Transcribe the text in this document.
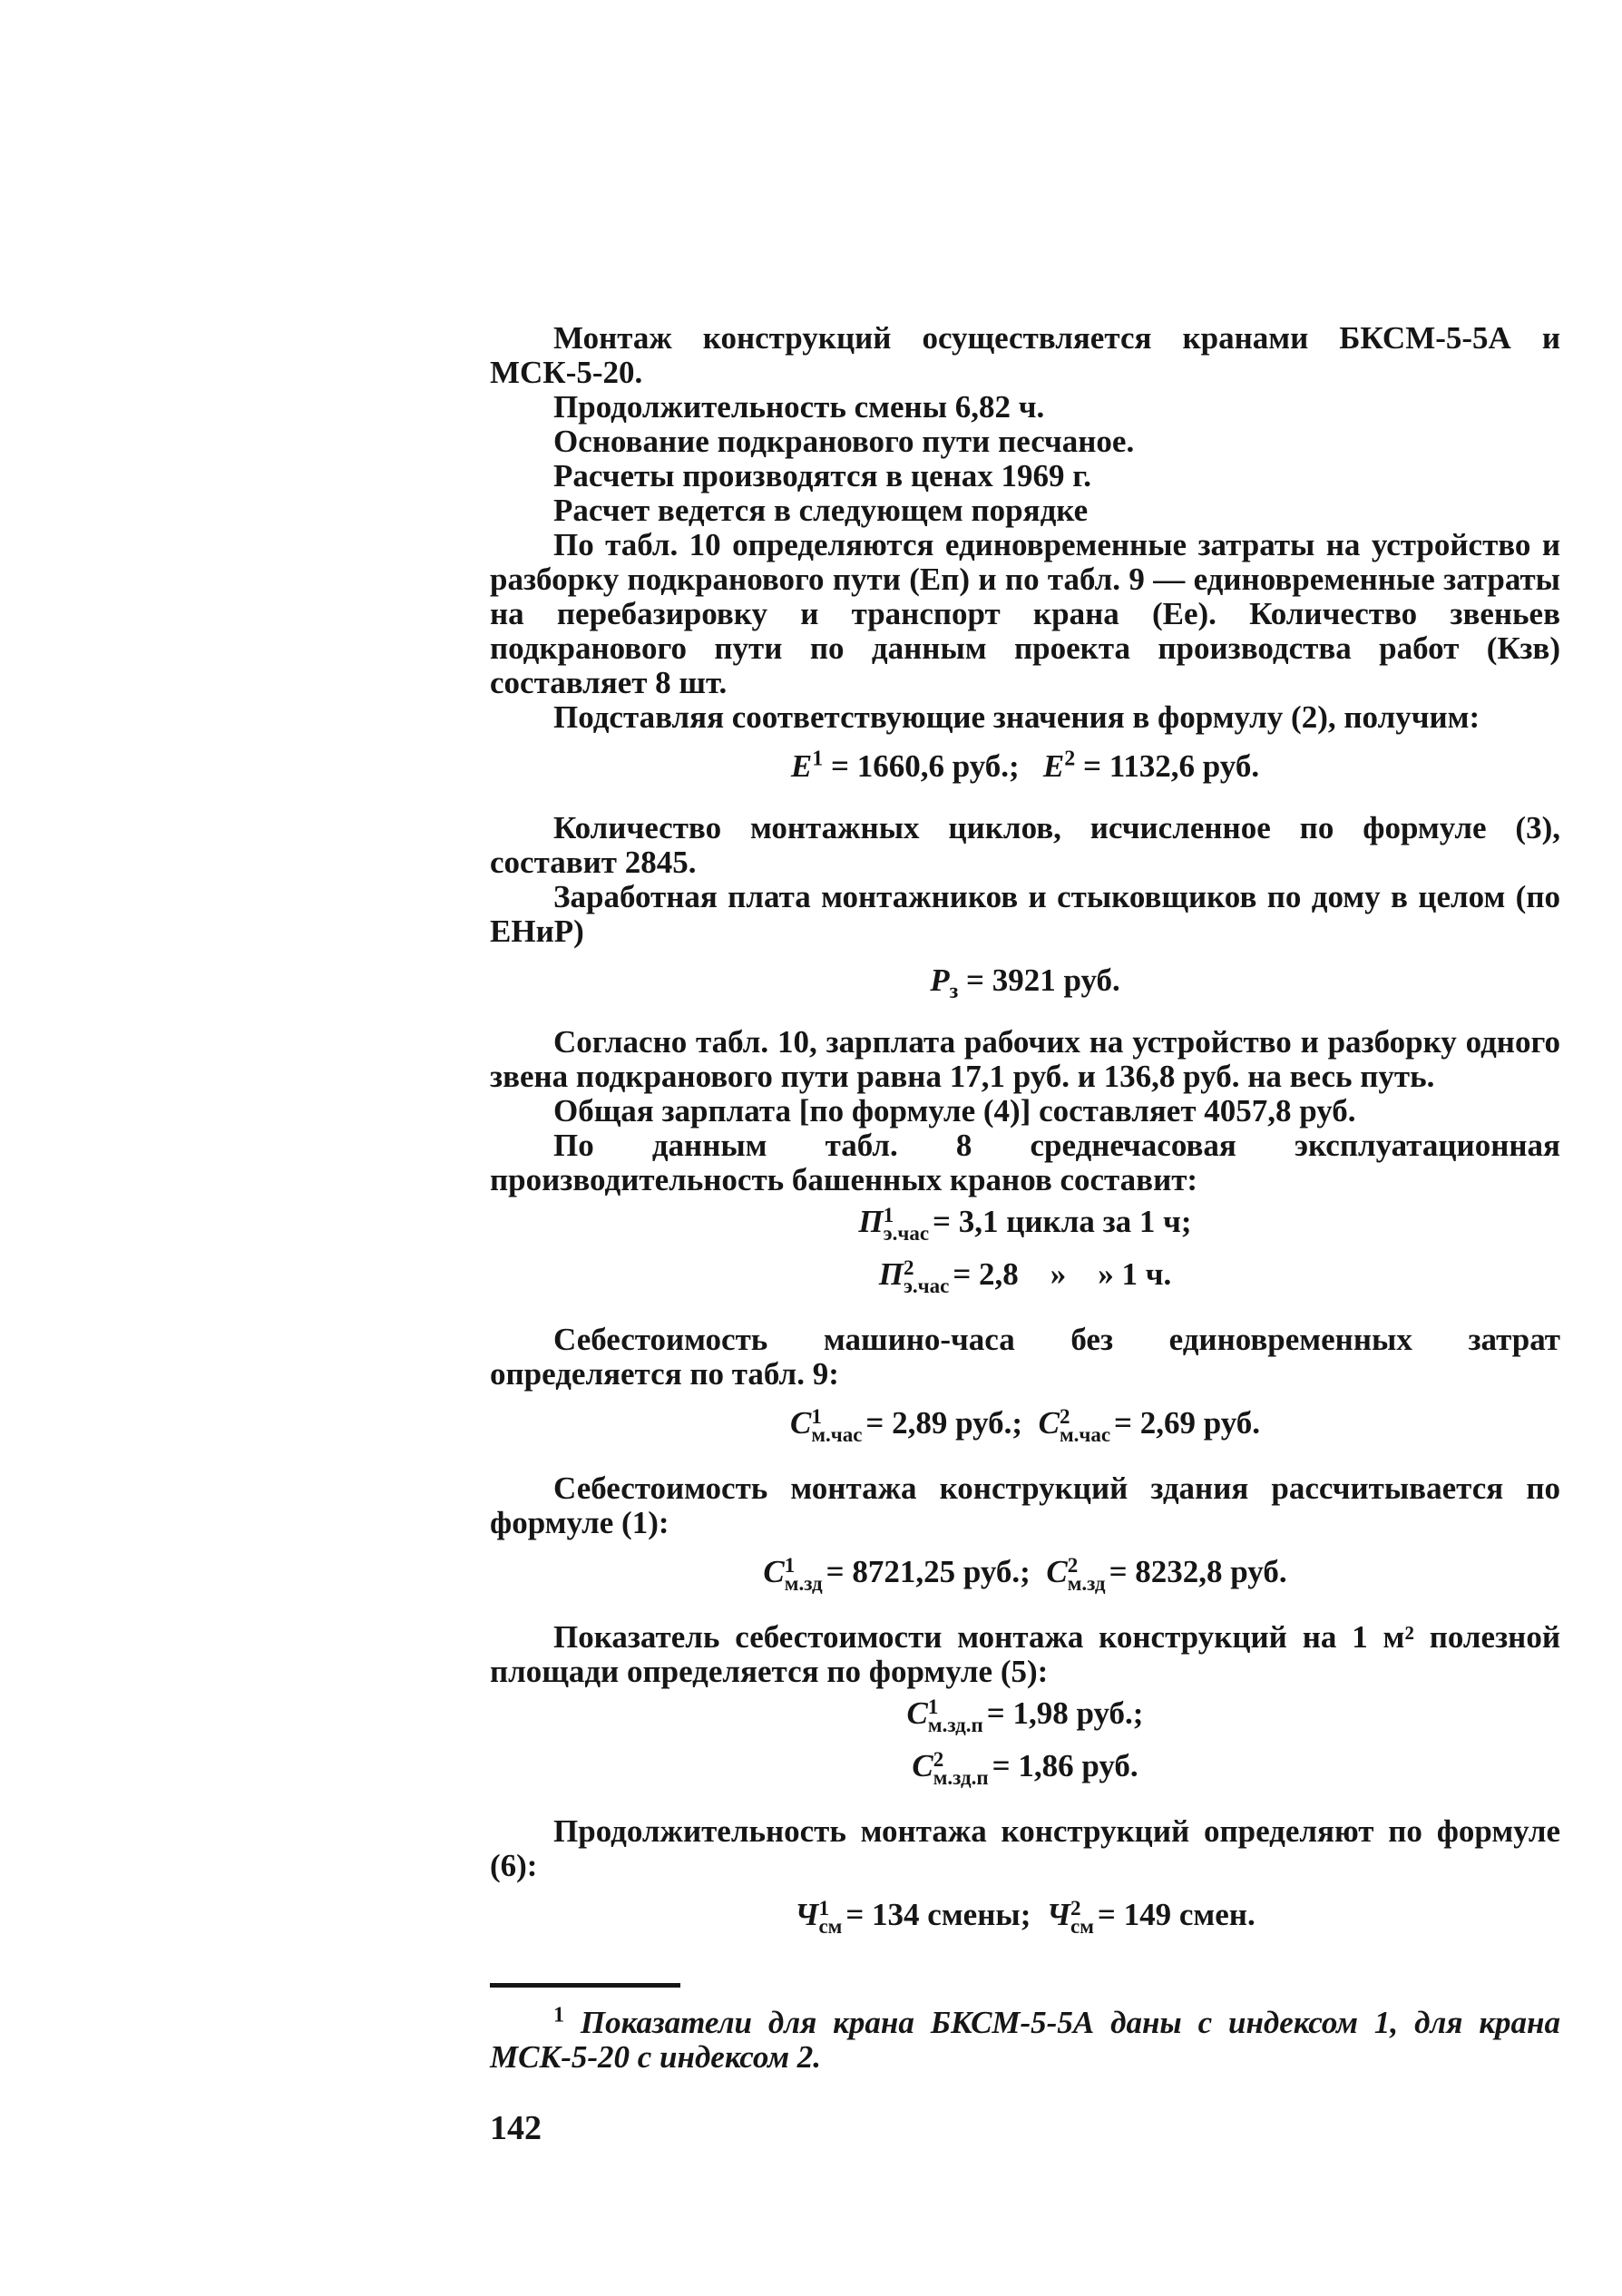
Монтаж конструкций осуществляется кранами БКСМ-5-5А и МСК-5-20.

Продолжительность смены 6,82 ч.

Основание подкранового пути песчаное.

Расчеты производятся в ценах 1969 г.

Расчет ведется в следующем порядке

По табл. 10 определяются единовременные затраты на устройство и разборку подкранового пути (Еп) и по табл. 9 — единовременные затраты на перебазировку и транспорт крана (Ее). Количество звеньев подкранового пути по данным проекта производства работ (Кзв) составляет 8 шт.

Подставляя соответствующие значения в формулу (2), получим:

$E^1 = 1660,6$ руб.; $E^2 = 1132,6$ руб.

Количество монтажных циклов, исчисленное по формуле (3), составит 2845.

Заработная плата монтажников и стыковщиков по дому в целом (по ЕНиР)

$P_з = 3921$ руб.

Согласно табл. 10, зарплата рабочих на устройство и разборку одного звена подкранового пути равна 17,1 руб. и 136,8 руб. на весь путь.

Общая зарплата [по формуле (4)] составляет 4057,8 руб.

По данным табл. 8 среднечасовая эксплуатационная производительность башенных кранов составит:

П 1
э.час = 3,1 цикла за 1 ч;
П 2
э.час = 2,8    »    » 1 ч.

Себестоимость машино-часа без единовременных затрат определяется по табл. 9:

C 1
м.час = 2,89 руб.; C 2
м.час = 2,69 руб.

Себестоимость монтажа конструкций здания рассчитывается по формуле (1):

C 1
м.зд = 8721,25 руб.; C 2
м.зд = 8232,8 руб.

Показатель себестоимости монтажа конструкций на 1 м² полезной площади определяется по формуле (5):

C 1
м.зд.п = 1,98 руб.;
C 2
м.зд.п = 1,86 руб.

Продолжительность монтажа конструкций определяют по формуле (6):

Ч 1
см = 134 смены; Ч 2
см = 149 смен.

$^1$ Показатели для крана БКСМ-5-5А даны с индексом 1, для крана МСК-5-20 с индексом 2.

142
